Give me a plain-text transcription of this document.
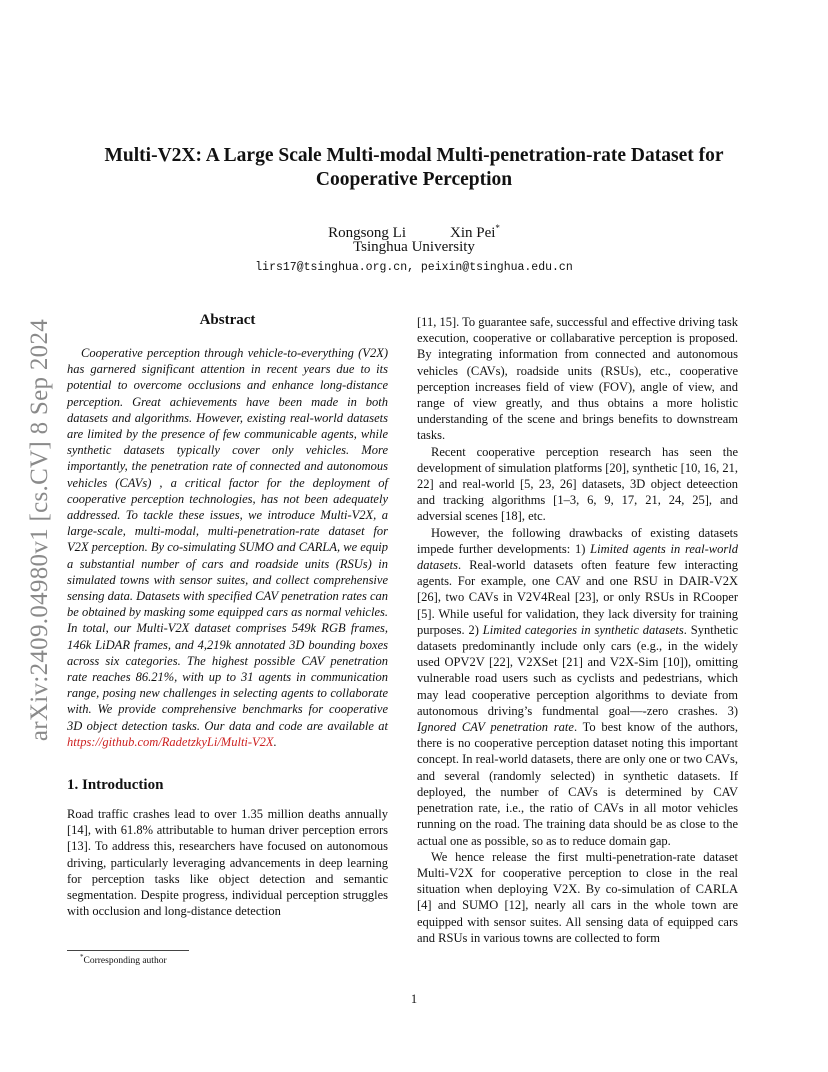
arXiv:2409.04980v1 [cs.CV] 8 Sep 2024
Multi-V2X: A Large Scale Multi-modal Multi-penetration-rate Dataset for
Cooperative Perception
Rongsong Li	Xin Pei*
Tsinghua University
lirs17@tsinghua.org.cn, peixin@tsinghua.edu.cn
Abstract

Cooperative perception through vehicle-to-everything (V2X) has garnered significant attention in recent years due to its potential to overcome occlusions and enhance long-distance perception. Great achievements have been made in both datasets and algorithms. However, existing real-world datasets are limited by the presence of few communicable agents, while synthetic datasets typically cover only vehicles. More importantly, the penetration rate of connected and autonomous vehicles (CAVs) , a critical factor for the deployment of cooperative perception technologies, has not been adequately addressed. To tackle these issues, we introduce Multi-V2X, a large-scale, multi-modal, multi-penetration-rate dataset for V2X perception. By co-simulating SUMO and CARLA, we equip a substantial number of cars and roadside units (RSUs) in simulated towns with sensor suites, and collect comprehensive sensing data. Datasets with specified CAV penetration rates can be obtained by masking some equipped cars as normal vehicles. In total, our Multi-V2X dataset comprises 549k RGB frames, 146k LiDAR frames, and 4,219k annotated 3D bounding boxes across six categories. The highest possible CAV penetration rate reaches 86.21%, with up to 31 agents in communication range, posing new challenges in selecting agents to collaborate with. We provide comprehensive benchmarks for cooperative 3D object detection tasks. Our data and code are available at https://github.com/RadetzkyLi/Multi-V2X.

1. Introduction

Road traffic crashes lead to over 1.35 million deaths annually [14], with 61.8% attributable to human driver perception errors [13]. To address this, researchers have focused on autonomous driving, particularly leveraging advancements in deep learning for perception tasks like object detection and semantic segmentation. Despite progress, individual perception struggles with occlusion and long-distance detection

[11, 15]. To guarantee safe, successful and effective driving task execution, cooperative or collabarative perception is proposed. By integrating information from connected and autonomous vehicles (CAVs), roadside units (RSUs), etc., cooperative perception increases field of view (FOV), angle of view, and range of view greatly, and thus obtains a more holistic understanding of the scene and brings benefits to downstream tasks.

Recent cooperative perception research has seen the development of simulation platforms [20], synthetic [10, 16, 21, 22] and real-world [5, 23, 26] datasets, 3D object deteection and tracking algorithms [1–3, 6, 9, 17, 21, 24, 25], and adversial scenes [18], etc.

However, the following drawbacks of existing datasets impede further developments: 1) Limited agents in real-world datasets. Real-world datasets often feature few interacting agents. For example, one CAV and one RSU in DAIR-V2X [26], two CAVs in V2V4Real [23], or only RSUs in RCooper [5]. While useful for validation, they lack diversity for training purposes. 2) Limited categories in synthetic datasets. Synthetic datasets predominantly include only cars (e.g., in the widely used OPV2V [22], V2XSet [21] and V2X-Sim [10]), omitting vulnerable road users such as cyclists and pedestrians, which may lead cooperative perception algorithms to deviate from autonomous driving’s fundmental goal—-zero crashes. 3) Ignored CAV penetration rate. To best know of the authors, there is no cooperative perception dataset noting this important concept. In real-world datasets, there are only one or two CAVs, and several (randomly selected) in synthetic datasets. If deployed, the number of CAVs is determined by CAV penetration rate, i.e., the ratio of CAVs in all motor vehicles running on the road. The training data should be as close to the actual one as possible, so as to reduce domain gap.

We hence release the first multi-penetration-rate dataset Multi-V2X for cooperative perception to close in the real situation when deploying V2X. By co-simulation of CARLA [4] and SUMO [12], nearly all cars in the whole town are equipped with sensor suites. All sensing data of equipped cars and RSUs in various towns are collected to form

*Corresponding author
1
